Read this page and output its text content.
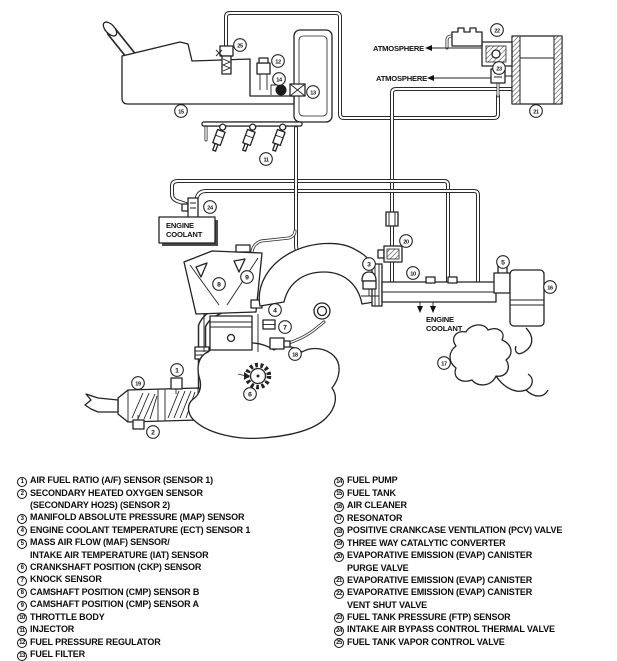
ATMOSPHERE
ATMOSPHERE
ENGINE COOLANT
ENGINE COOLANT
1
2
3
4
5
6
7
8
9	10
11
12
13
14
15
16
17
18
19
20
21
22
23
24
25
1 AIR FUEL RATIO (A/F) SENSOR (SENSOR 1)
2 SECONDARY HEATED OXYGEN SENSOR
(SECONDARY HO2S) (SENSOR 2)
3 MANIFOLD ABSOLUTE PRESSURE (MAP) SENSOR
4 ENGINE COOLANT TEMPERATURE (ECT) SENSOR 1
5 MASS AIR FLOW (MAF) SENSOR/
INTAKE AIR TEMPERATURE (IAT) SENSOR
6 CRANKSHAFT POSITION (CKP) SENSOR
7 KNOCK SENSOR
8 CAMSHAFT POSITION (CMP) SENSOR B
9 CAMSHAFT POSITION (CMP) SENSOR A
10 THROTTLE BODY
11 INJECTOR
12 FUEL PRESSURE REGULATOR
13 FUEL FILTER
14 FUEL PUMP
15 FUEL TANK
16 AIR CLEANER
17 RESONATOR
18 POSITIVE CRANKCASE VENTILATION (PCV) VALVE
19 THREE WAY CATALYTIC CONVERTER
20 EVAPORATIVE EMISSION (EVAP) CANISTER
PURGE VALVE
21 EVAPORATIVE EMISSION (EVAP) CANISTER
22 EVAPORATIVE EMISSION (EVAP) CANISTER
VENT SHUT VALVE
23 FUEL TANK PRESSURE (FTP) SENSOR
24 INTAKE AIR BYPASS CONTROL THERMAL VALVE
25 FUEL TANK VAPOR CONTROL VALVE
